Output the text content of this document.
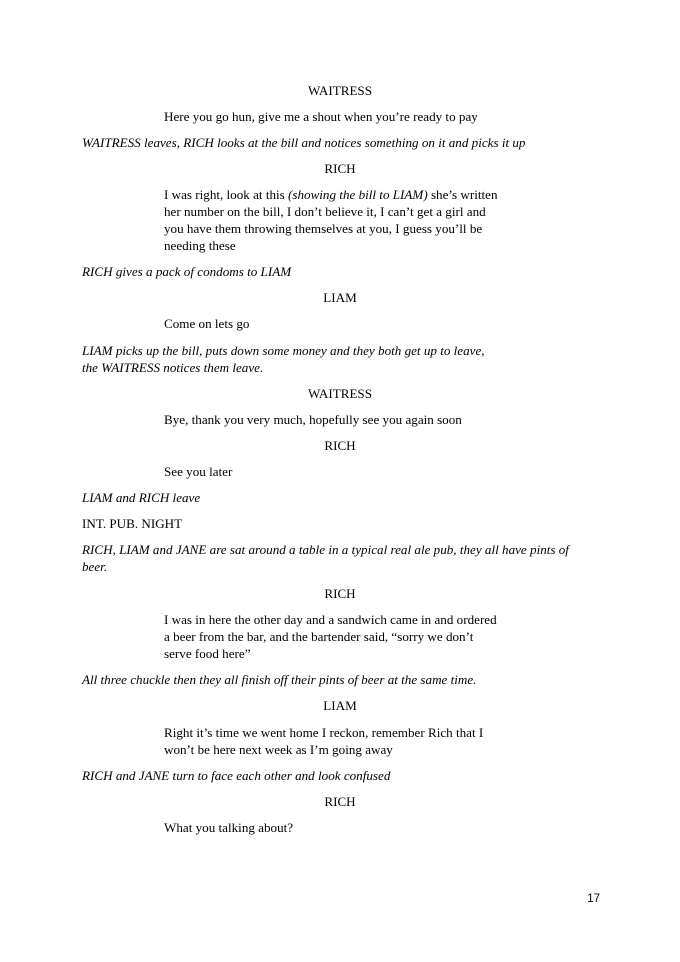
WAITRESS
Here you go hun, give me a shout when you’re ready to pay
WAITRESS leaves, RICH looks at the bill and notices something on it and picks it up
RICH
I was right, look at this (showing the bill to LIAM) she’s written
her number on the bill, I don’t believe it, I can’t get a girl and
you have them throwing themselves at you, I guess you’ll be
needing these
RICH gives a pack of condoms to LIAM
LIAM
Come on lets go
LIAM picks up the bill, puts down some money and they both get up to leave,
the WAITRESS notices them leave.
WAITRESS
Bye, thank you very much, hopefully see you again soon
RICH
See you later
LIAM and RICH leave
INT. PUB. NIGHT
RICH, LIAM and JANE are sat around a table in a typical real ale pub, they all have pints of
beer.
RICH
I was in here the other day and a sandwich came in and ordered
a beer from the bar, and the bartender said, “sorry we don’t
serve food here”
All three chuckle then they all finish off their pints of beer at the same time.
LIAM
Right it’s time we went home I reckon, remember Rich that I
won’t be here next week as I’m going away
RICH and JANE turn to face each other and look confused
RICH
What you talking about?
17
